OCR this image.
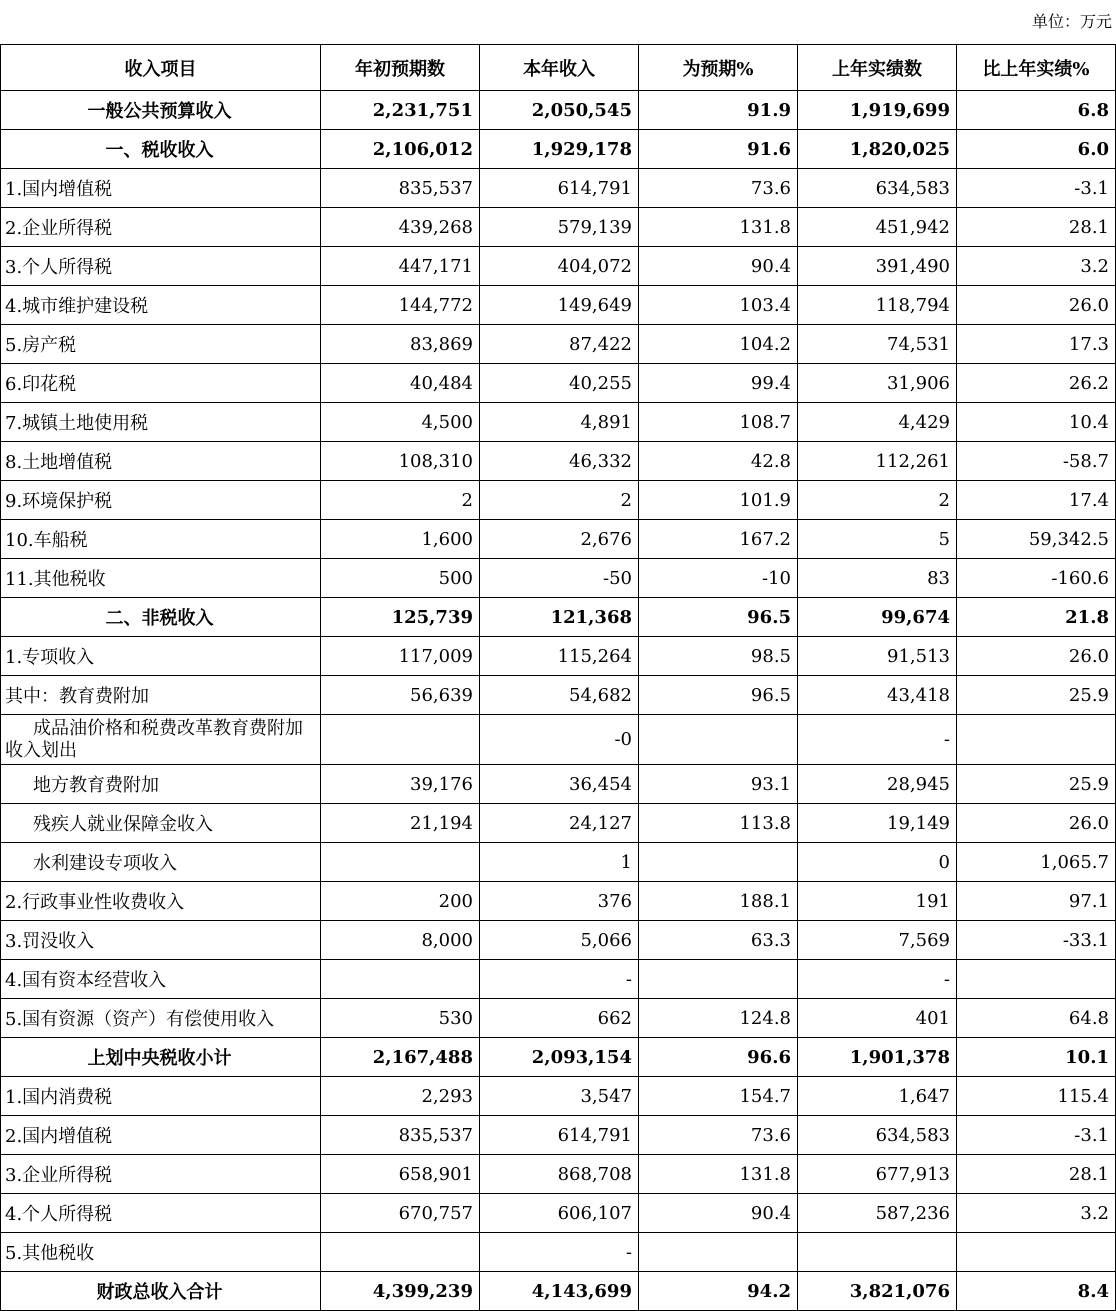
单位：万元
收入项目	年初预期数	本年收入	为预期%	上年实绩数	比上年实绩%
一般公共预算收入	2,231,751	2,050,545	91.9	1,919,699	6.8
一、税收收入	2,106,012	1,929,178	91.6	1,820,025	6.0
1.国内增值税	835,537	614,791	73.6	634,583	-3.1
2.企业所得税	439,268	579,139	131.8	451,942	28.1
3.个人所得税	447,171	404,072	90.4	391,490	3.2
4.城市维护建设税	144,772	149,649	103.4	118,794	26.0
5.房产税	83,869	87,422	104.2	74,531	17.3
6.印花税	40,484	40,255	99.4	31,906	26.2
7.城镇土地使用税	4,500	4,891	108.7	4,429	10.4
8.土地增值税	108,310	46,332	42.8	112,261	-58.7
9.环境保护税	2	2	101.9	2	17.4
10.车船税	1,600	2,676	167.2	5	59,342.5
11.其他税收	500	-50	-10	83	-160.6
二、非税收入	125,739	121,368	96.5	99,674	21.8
1.专项收入	117,009	115,264	98.5	91,513	26.0
其中：教育费附加	56,639	54,682	96.5	43,418	25.9
成品油价格和税费改革教育费附加收入划出		-0		-	
地方教育费附加	39,176	36,454	93.1	28,945	25.9
残疾人就业保障金收入	21,194	24,127	113.8	19,149	26.0
水利建设专项收入		1		0	1,065.7
2.行政事业性收费收入	200	376	188.1	191	97.1
3.罚没收入	8,000	5,066	63.3	7,569	-33.1
4.国有资本经营收入		-		-	
5.国有资源（资产）有偿使用收入	530	662	124.8	401	64.8
上划中央税收小计	2,167,488	2,093,154	96.6	1,901,378	10.1
1.国内消费税	2,293	3,547	154.7	1,647	115.4
2.国内增值税	835,537	614,791	73.6	634,583	-3.1
3.企业所得税	658,901	868,708	131.8	677,913	28.1
4.个人所得税	670,757	606,107	90.4	587,236	3.2
5.其他税收		-			
财政总收入合计	4,399,239	4,143,699	94.2	3,821,076	8.4
